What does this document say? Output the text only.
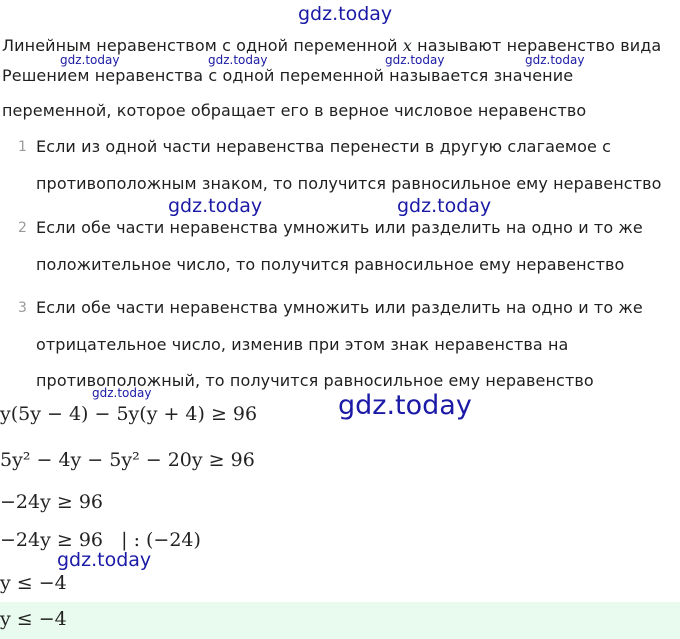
gdz.today
Линейным неравенством с одной переменной x называют неравенство вида
gdz.today	gdz.today	gdz.today	gdz.today
Решением неравенства с одной переменной называется значение
переменной, которое обращает его в верное числовое неравенство
1 Если из одной части неравенства перенести в другую слагаемое с
противоположным знаком, то получится равносильное ему неравенство
gdz.today	gdz.today
2 Если обе части неравенства умножить или разделить на одно и то же
положительное число, то получится равносильное ему неравенство
3 Если обе части неравенства умножить или разделить на одно и то же
отрицательное число, изменив при этом знак неравенства на
противоположный, то получится равносильное ему неравенство
gdz.today	gdz.today
y(5y − 4) − 5y(y + 4) ≥ 96
5y² − 4y − 5y² − 20y ≥ 96
−24y ≥ 96
−24y ≥ 96   | : (−24)
gdz.today
y ≤ −4
y ≤ −4
